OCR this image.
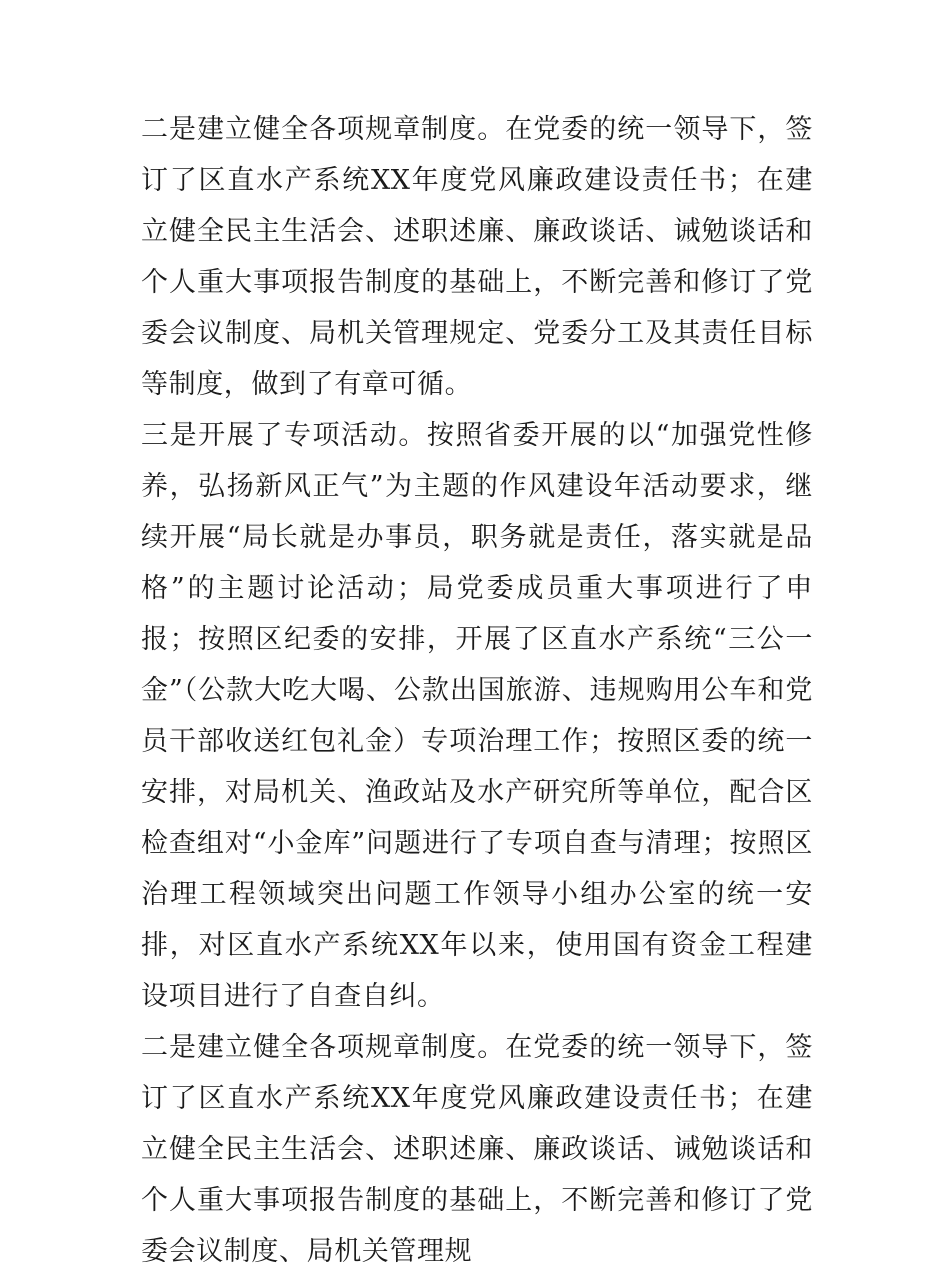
二是建立健全各项规章制度。在党委的统一领导下，签订了区直水产系统XX年度党风廉政建设责任书；在建立健全民主生活会、述职述廉、廉政谈话、诫勉谈话和个人重大事项报告制度的基础上，不断完善和修订了党委会议制度、局机关管理规定、党委分工及其责任目标等制度，做到了有章可循。

三是开展了专项活动。按照省委开展的以“加强党性修养，弘扬新风正气”为主题的作风建设年活动要求，继续开展“局长就是办事员，职务就是责任，落实就是品格”的主题讨论活动；局党委成员重大事项进行了申报；按照区纪委的安排，开展了区直水产系统“三公一金”（公款大吃大喝、公款出国旅游、违规购用公车和党员干部收送红包礼金）专项治理工作；按照区委的统一安排，对局机关、渔政站及水产研究所等单位，配合区检查组对“小金库”问题进行了专项自查与清理；按照区治理工程领域突出问题工作领导小组办公室的统一安排，对区直水产系统XX年以来，使用国有资金工程建设项目进行了自查自纠。

二是建立健全各项规章制度。在党委的统一领导下，签订了区直水产系统XX年度党风廉政建设责任书；在建立健全民主生活会、述职述廉、廉政谈话、诫勉谈话和个人重大事项报告制度的基础上，不断完善和修订了党委会议制度、局机关管理规
